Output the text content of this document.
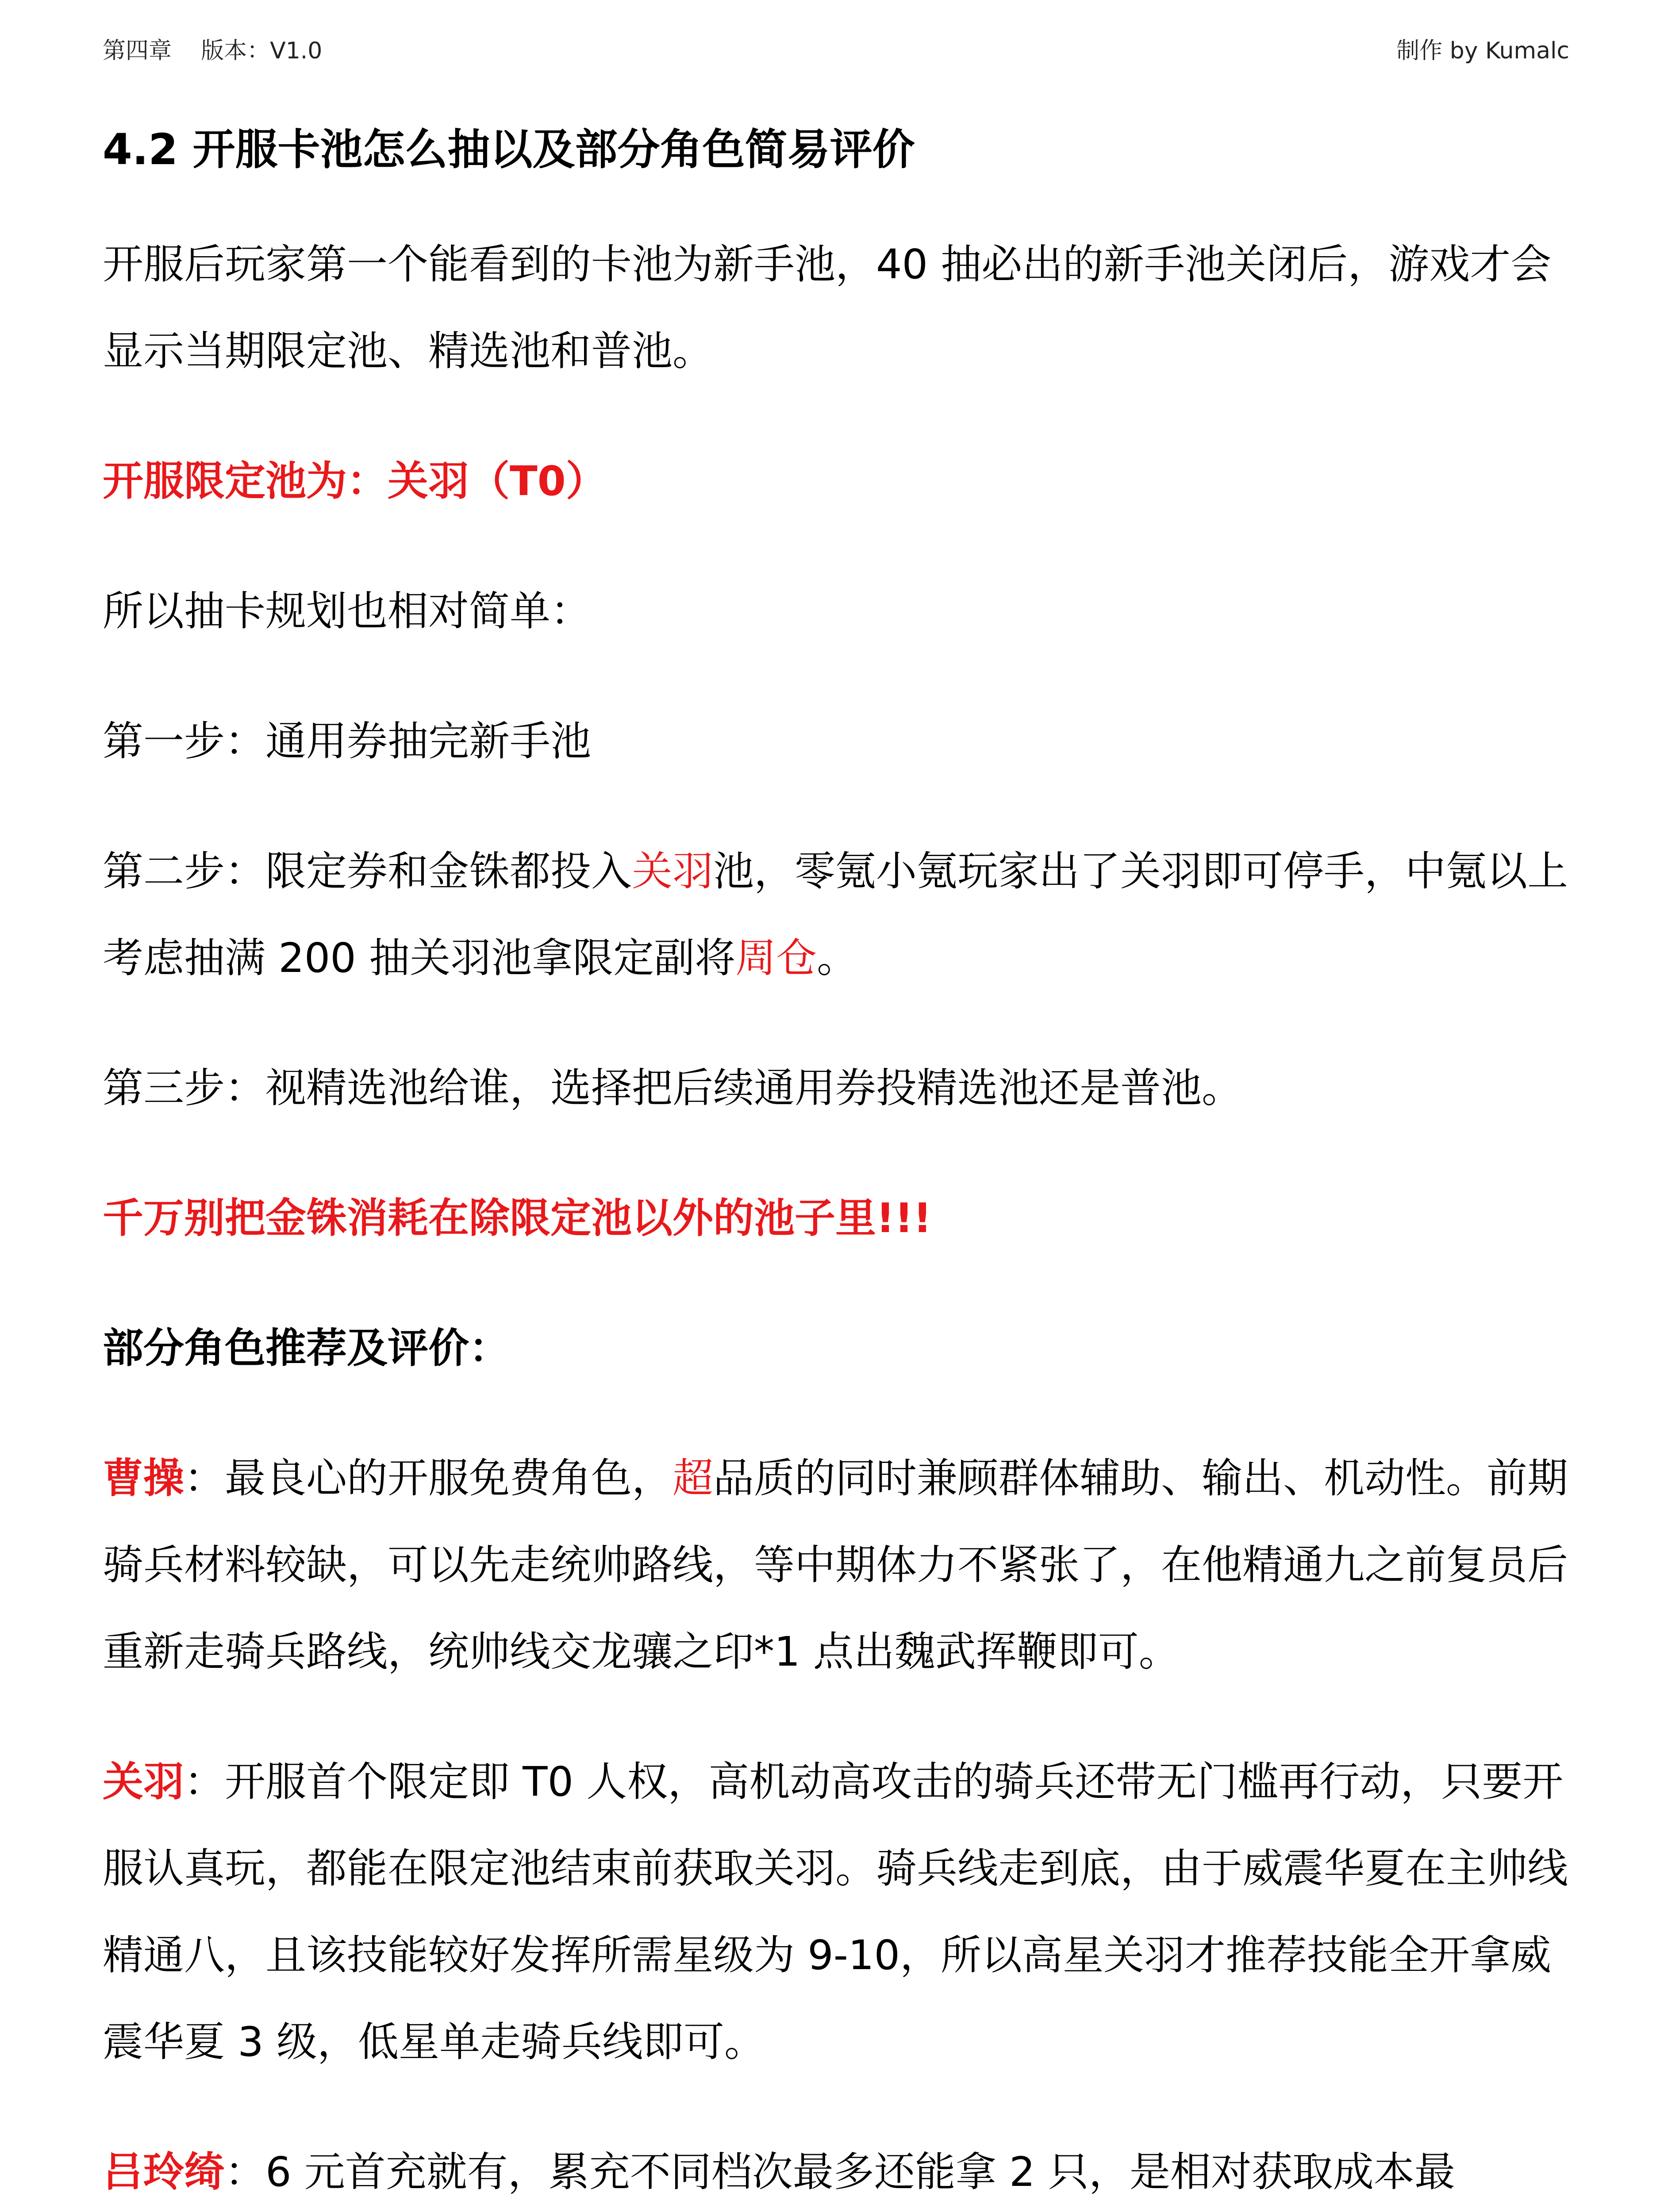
第四章    版本：V1.0	制作 by Kumalc
4.2 开服卡池怎么抽以及部分角色简易评价

开服后玩家第一个能看到的卡池为新手池，40 抽必出的新手池关闭后，游戏才会显示当期限定池、精选池和普池。

开服限定池为：关羽（T0）

所以抽卡规划也相对简单：

第一步：通用券抽完新手池

第二步：限定券和金铢都投入关羽池，零氪小氪玩家出了关羽即可停手，中氪以上考虑抽满 200 抽关羽池拿限定副将周仓。

第三步：视精选池给谁，选择把后续通用券投精选池还是普池。

千万别把金铢消耗在除限定池以外的池子里!!!

部分角色推荐及评价：

曹操：最良心的开服免费角色，超品质的同时兼顾群体辅助、输出、机动性。前期骑兵材料较缺，可以先走统帅路线，等中期体力不紧张了，在他精通九之前复员后重新走骑兵路线，统帅线交龙骧之印*1 点出魏武挥鞭即可。

关羽：开服首个限定即 T0 人权，高机动高攻击的骑兵还带无门槛再行动，只要开服认真玩，都能在限定池结束前获取关羽。骑兵线走到底，由于威震华夏在主帅线精通八，且该技能较好发挥所需星级为 9-10，所以高星关羽才推荐技能全开拿威震华夏 3 级，低星单走骑兵线即可。

吕玲绮：6 元首充就有，累充不同档次最多还能拿 2 只，是相对获取成本最
